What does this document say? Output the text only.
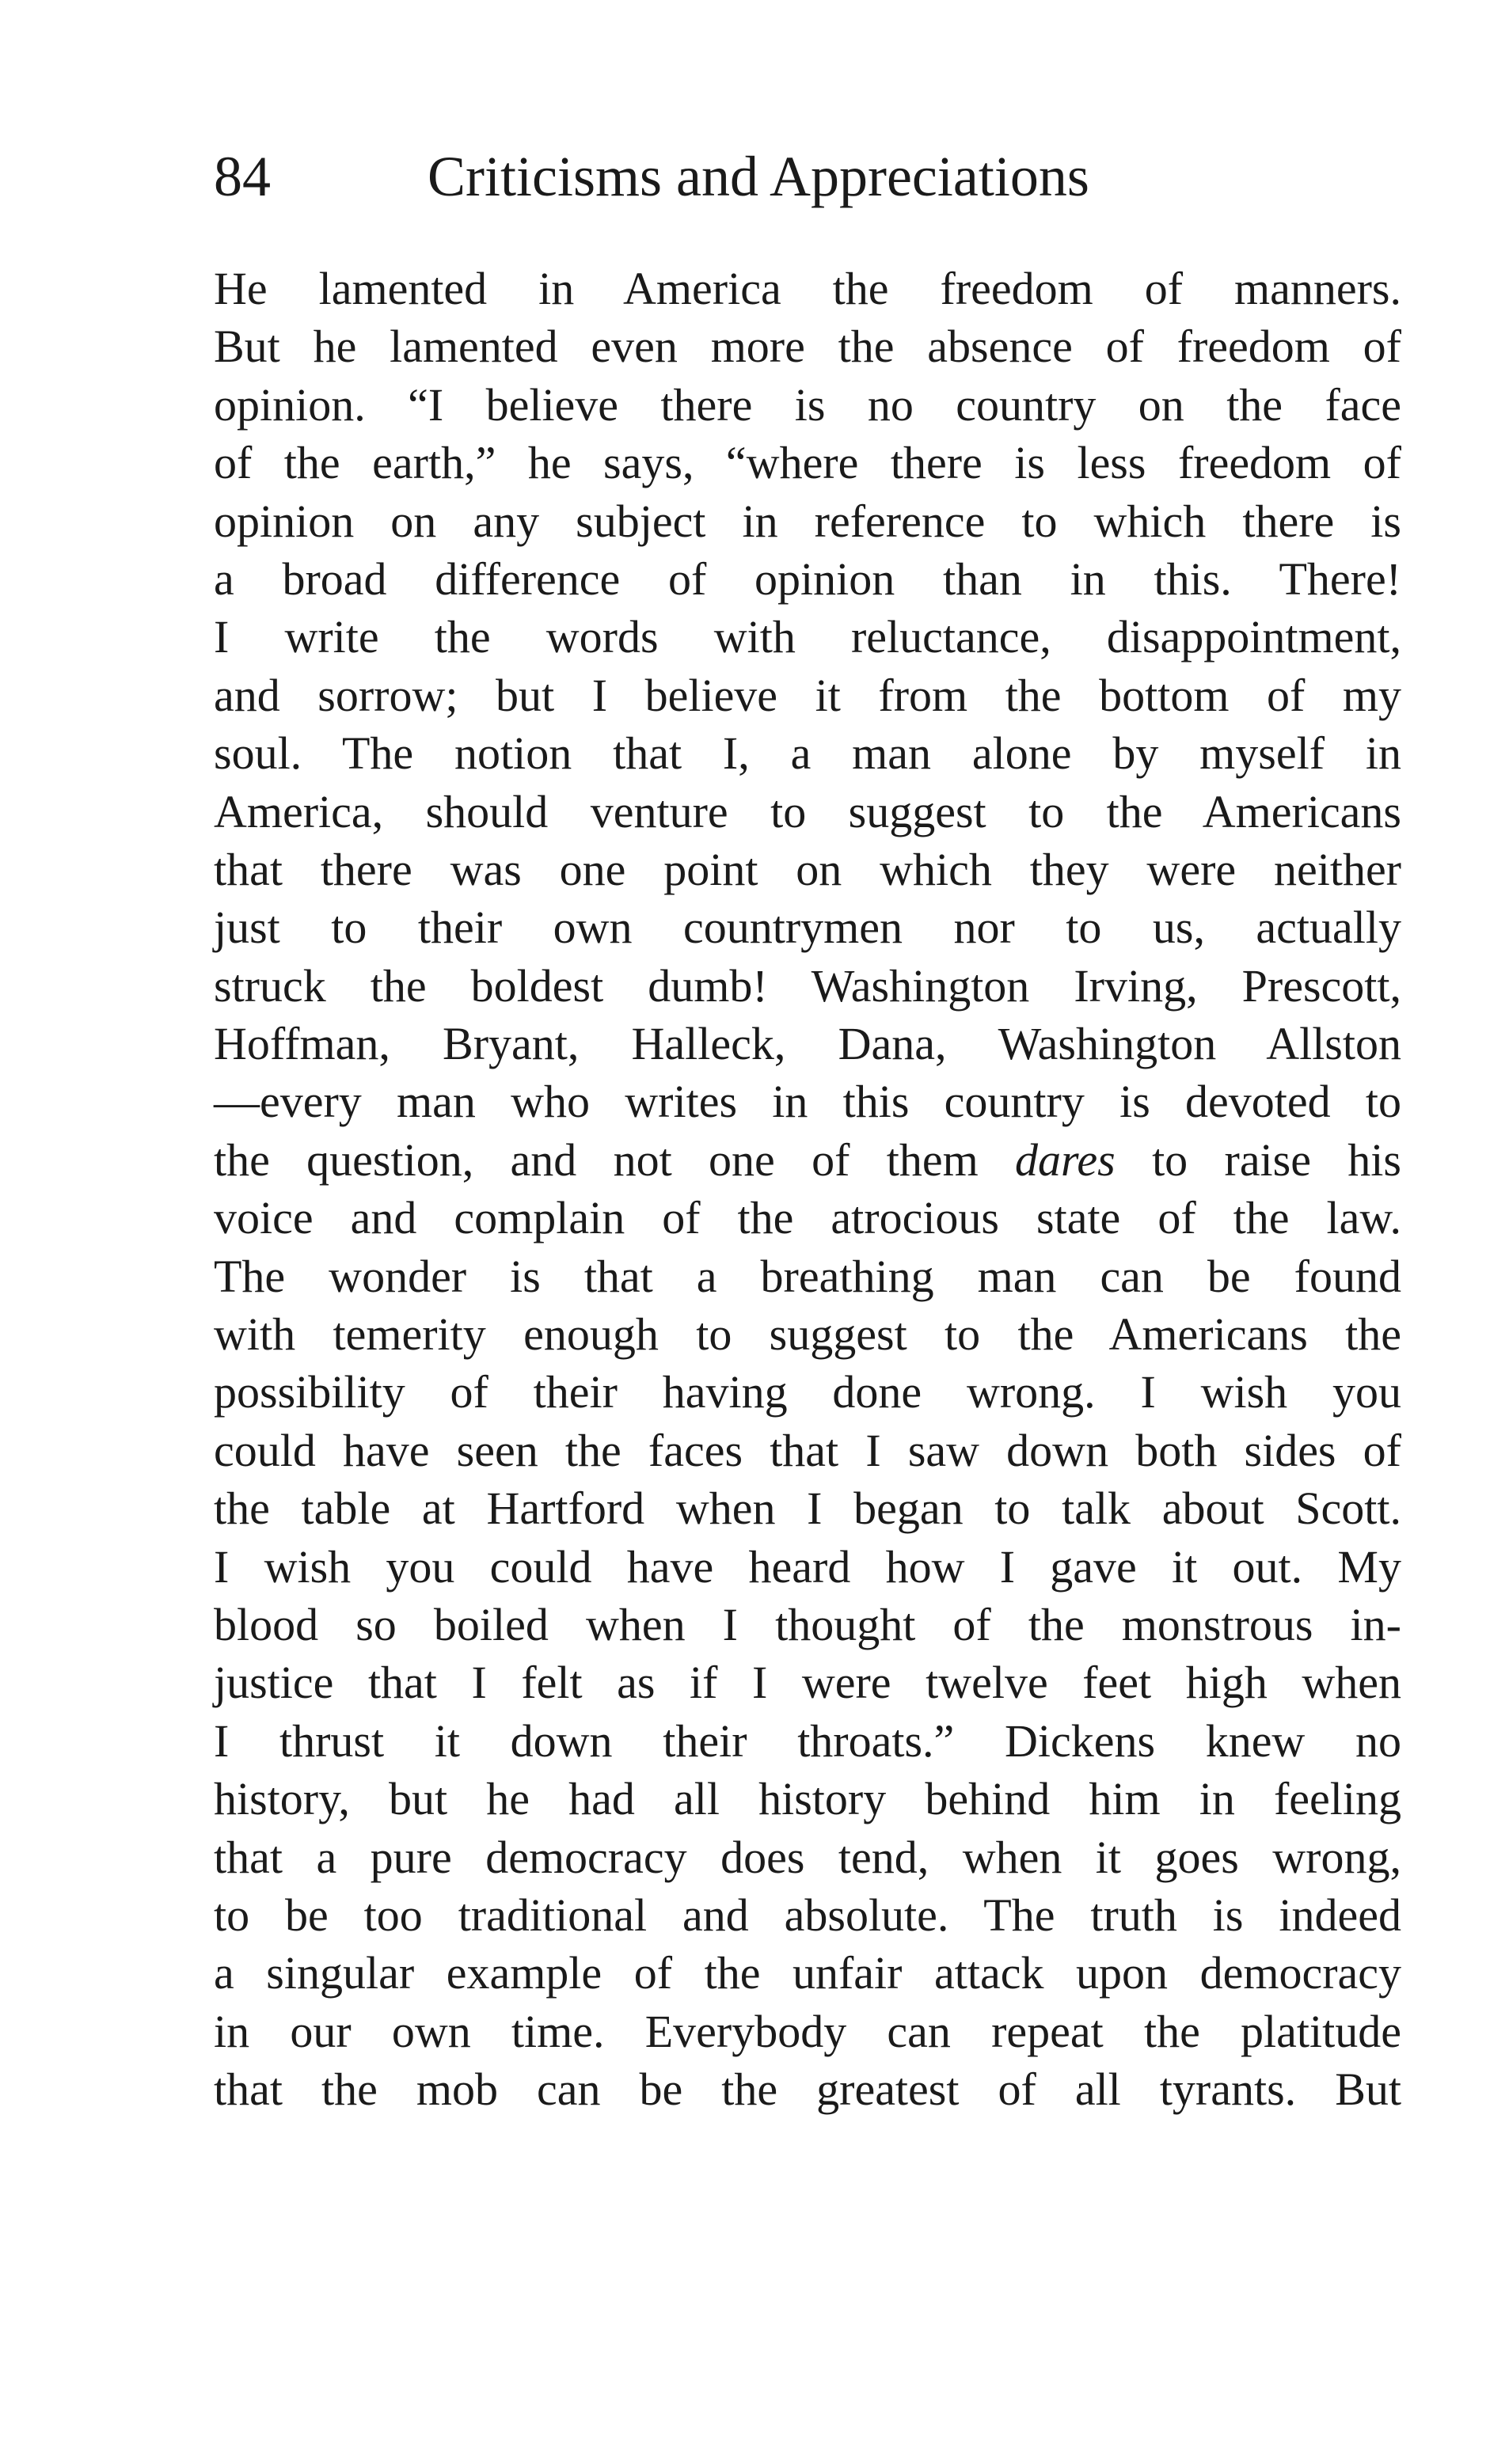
84	Criticisms and Appreciations
He lamented in America the freedom of manners.
But he lamented even more the absence of freedom of
opinion. “I believe there is no country on the face
of the earth,” he says, “where there is less freedom of
opinion on any subject in reference to which there is
a broad difference of opinion than in this. There!
I write the words with reluctance, disappointment,
and sorrow; but I believe it from the bottom of my
soul. The notion that I, a man alone by myself in
America, should venture to suggest to the Americans
that there was one point on which they were neither
just to their own countrymen nor to us, actually
struck the boldest dumb! Washington Irving, Prescott,
Hoffman, Bryant, Halleck, Dana, Washington Allston
—every man who writes in this country is devoted to
the question, and not one of them dares to raise his
voice and complain of the atrocious state of the law.
The wonder is that a breathing man can be found
with temerity enough to suggest to the Americans the
possibility of their having done wrong. I wish you
could have seen the faces that I saw down both sides of
the table at Hartford when I began to talk about Scott.
I wish you could have heard how I gave it out. My
blood so boiled when I thought of the monstrous in-
justice that I felt as if I were twelve feet high when
I thrust it down their throats.” Dickens knew no
history, but he had all history behind him in feeling
that a pure democracy does tend, when it goes wrong,
to be too traditional and absolute. The truth is indeed
a singular example of the unfair attack upon democracy
in our own time. Everybody can repeat the platitude
that the mob can be the greatest of all tyrants. But
